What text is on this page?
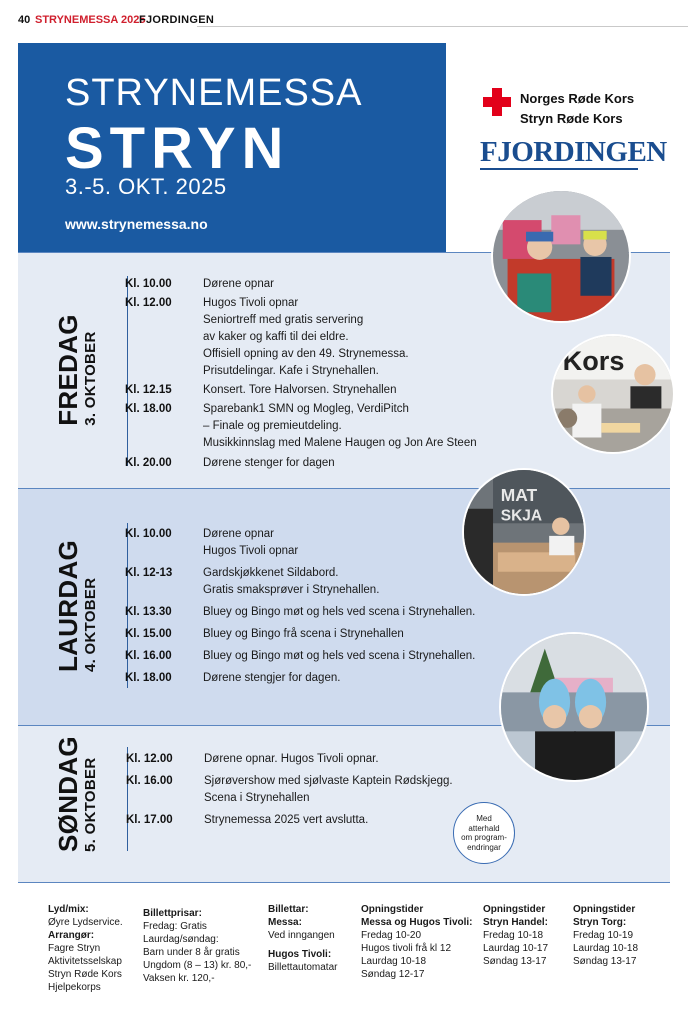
40 STRYNEMESSA 2025
FJORDINGEN
STRYNEMESSA
STRYN
3.-5. OKT. 2025
www.strynemessa.no
Norges Røde Kors
Stryn Røde Kors
FJORDINGEN
FREDAG 3. OKTOBER
LAURDAG 4. OKTOBER
SØNDAG 5. OKTOBER
Kl. 10.00	Dørene opnar
Kl. 12.00	Hugos Tivoli opnar
Seniortreff med gratis servering
av kaker og kaffi til dei eldre.
Offisiell opning av den 49. Strynemessa.
Prisutdelingar. Kafe i Strynehallen.
Kl. 12.15	Konsert. Tore Halvorsen. Strynehallen
Kl. 18.00	Sparebank1 SMN og Mogleg, VerdiPitch
– Finale og premieutdeling.
Musikkinnslag med Malene Haugen og Jon Are Steen
Kl. 20.00	Dørene stenger for dagen
Kl. 10.00	Dørene opnar
Hugos Tivoli opnar
Kl. 12-13	Gardskjøkkenet Sildabord.
Gratis smaksprøver i Strynehallen.
Kl. 13.30	Bluey og Bingo møt og hels ved scena i Strynehallen.
Kl. 15.00	Bluey og Bingo frå scena i Strynehallen
Kl. 16.00	Bluey og Bingo møt og hels ved scena i Strynehallen.
Kl. 18.00	Dørene stengjer for dagen.
Kl. 12.00	Dørene opnar. Hugos Tivoli opnar.
Kl. 16.00	Sjørøvershow med sjølvaste Kaptein Rødskjegg.
Scena i Strynehallen
Kl. 17.00	Strynemessa 2025 vert avslutta.
Kors
MAT
SKJA
Med
atterhald
om program-
endringar
Lyd/mix:
Øyre Lydservice.
Arrangør:
Fagre Stryn
Aktivitetsselskap
Stryn Røde Kors
Hjelpekorps
Billettprisar:
Fredag: Gratis
Laurdag/søndag:
Barn under 8 år gratis
Ungdom (8 – 13) kr. 80,-
Vaksen kr. 120,-
Billettar:
Messa:
Ved inngangen
Hugos Tivoli:
Billettautomatar
Opningstider
Messa og Hugos Tivoli:
Fredag 10-20
Hugos tivoli frå kl 12
Laurdag 10-18
Søndag 12-17
Opningstider
Stryn Handel:
Fredag 10-18
Laurdag 10-17
Søndag 13-17
Opningstider
Stryn Torg:
Fredag 10-19
Laurdag 10-18
Søndag 13-17
